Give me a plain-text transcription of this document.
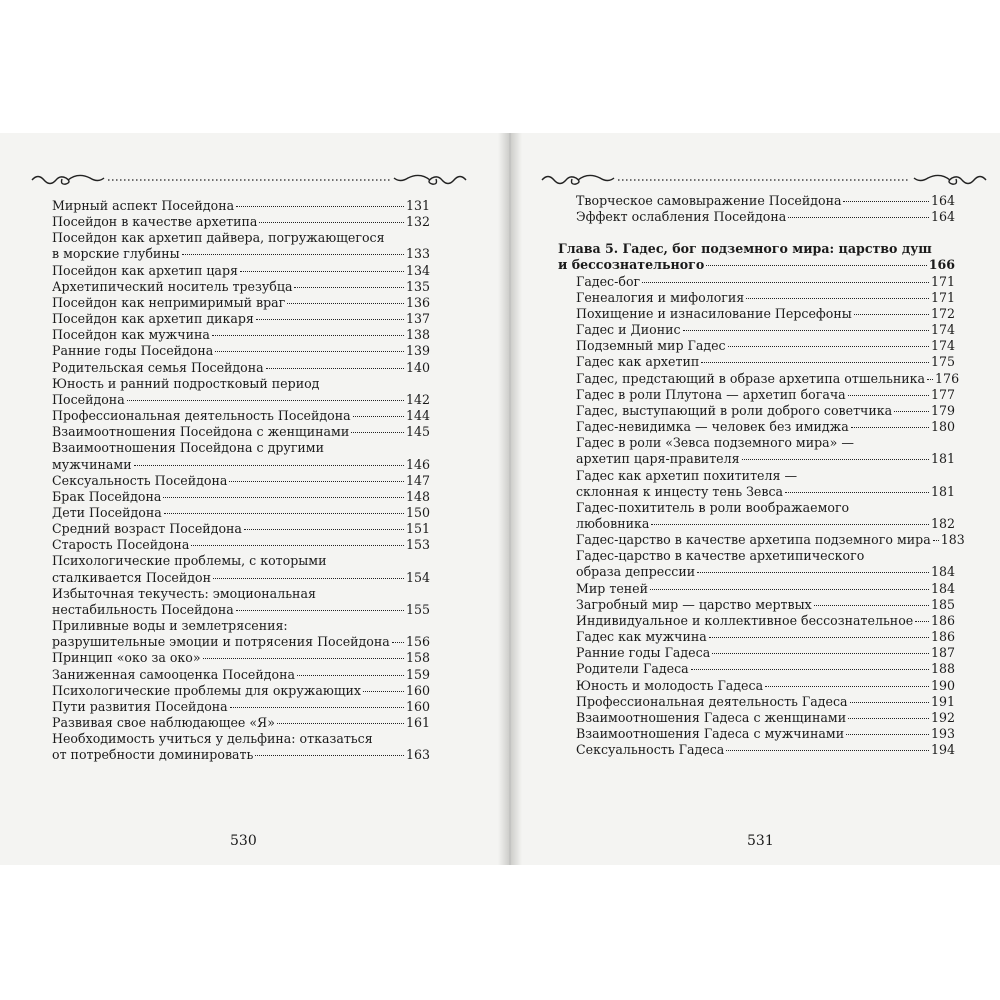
Мирный аспект Посейдона	131
Посейдон в качестве архетипа	132
Посейдон как архетип дайвера, погружающегося
в морские глубины	133
Посейдон как архетип царя	134
Архетипический носитель трезубца	135
Посейдон как непримиримый враг	136
Посейдон как архетип дикаря	137
Посейдон как мужчина	138
Ранние годы Посейдона	139
Родительская семья Посейдона	140
Юность и ранний подростковый период
Посейдона	142
Профессиональная деятельность Посейдона	144
Взаимоотношения Посейдона с женщинами	145
Взаимоотношения Посейдона с другими
мужчинами	146
Сексуальность Посейдона	147
Брак Посейдона	148
Дети Посейдона	150
Средний возраст Посейдона	151
Старость Посейдона	153
Психологические проблемы, с которыми
сталкивается Посейдон	154
Избыточная текучесть: эмоциональная
нестабильность Посейдона	155
Приливные воды и землетрясения:
разрушительные эмоции и потрясения Посейдона 156
Принцип «око за око»	158
Заниженная самооценка Посейдона	159
Психологические проблемы для окружающих	160
Пути развития Посейдона	160
Развивая свое наблюдающее «Я»	161
Необходимость учиться у дельфина: отказаться
от потребности доминировать	163
530
Творческое самовыражение Посейдона	164
Эффект ослабления Посейдона	164
Глава 5. Гадес, бог подземного мира: царство душ
и бессознательного	166
Гадес-бог	171
Генеалогия и мифология	171
Похищение и изнасилование Персефоны	172
Гадес и Дионис	174
Подземный мир Гадес	174
Гадес как архетип	175
Гадес, предстающий в образе архетипа отшельника 176
Гадес в роли Плутона — архетип богача	177
Гадес, выступающий в роли доброго советчика	179
Гадес-невидимка — человек без имиджа	180
Гадес в роли «Зевса подземного мира» —
архетип царя-правителя	181
Гадес как архетип похитителя —
склонная к инцесту тень Зевса	181
Гадес-похититель в роли воображаемого
любовника	182
Гадес-царство в качестве архетипа подземного мира 183
Гадес-царство в качестве архетипического
образа депрессии	184
Мир теней	184
Загробный мир — царство мертвых	185
Индивидуальное и коллективное бессознательное 186
Гадес как мужчина	186
Ранние годы Гадеса	187
Родители Гадеса	188
Юность и молодость Гадеса	190
Профессиональная деятельность Гадеса	191
Взаимоотношения Гадеса с женщинами	192
Взаимоотношения Гадеса с мужчинами	193
Сексуальность Гадеса	194
531
